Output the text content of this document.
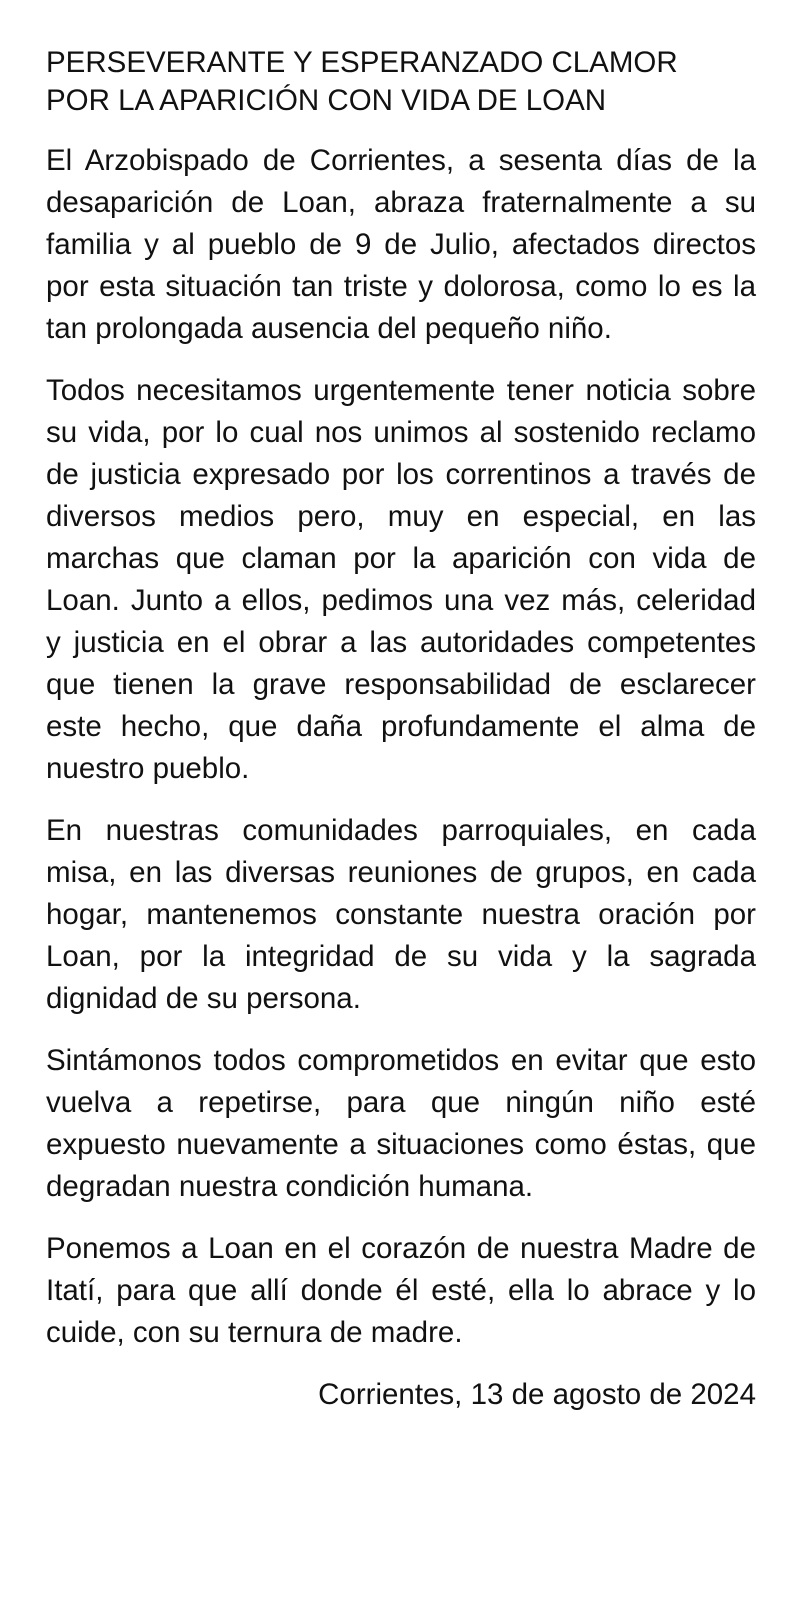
PERSEVERANTE Y ESPERANZADO CLAMOR
POR LA APARICIÓN CON VIDA DE LOAN

El Arzobispado de Corrientes, a sesenta días de la desaparición de Loan, abraza fraternalmente a su familia y al pueblo de 9 de Julio, afectados directos por esta situación tan triste y dolorosa, como lo es la tan prolongada ausencia del pequeño niño.

Todos necesitamos urgentemente tener noticia sobre su vida, por lo cual nos unimos al sostenido reclamo de justicia expresado por los correntinos a través de diversos medios pero, muy en especial, en las marchas que claman por la aparición con vida de Loan. Junto a ellos, pedimos una vez más, celeridad y justicia en el obrar a las autoridades competentes que tienen la grave responsabilidad de esclarecer este hecho, que daña profundamente el alma de nuestro pueblo.

En nuestras comunidades parroquiales, en cada misa, en las diversas reuniones de grupos, en cada hogar, mantenemos constante nuestra oración por Loan, por la integridad de su vida y la sagrada dignidad de su persona.

Sintámonos todos comprometidos en evitar que esto vuelva a repetirse, para que ningún niño esté expuesto nuevamente a situaciones como éstas, que degradan nuestra condición humana.

Ponemos a Loan en el corazón de nuestra Madre de Itatí, para que allí donde él esté, ella lo abrace y lo cuide, con su ternura de madre.

Corrientes, 13 de agosto de 2024
